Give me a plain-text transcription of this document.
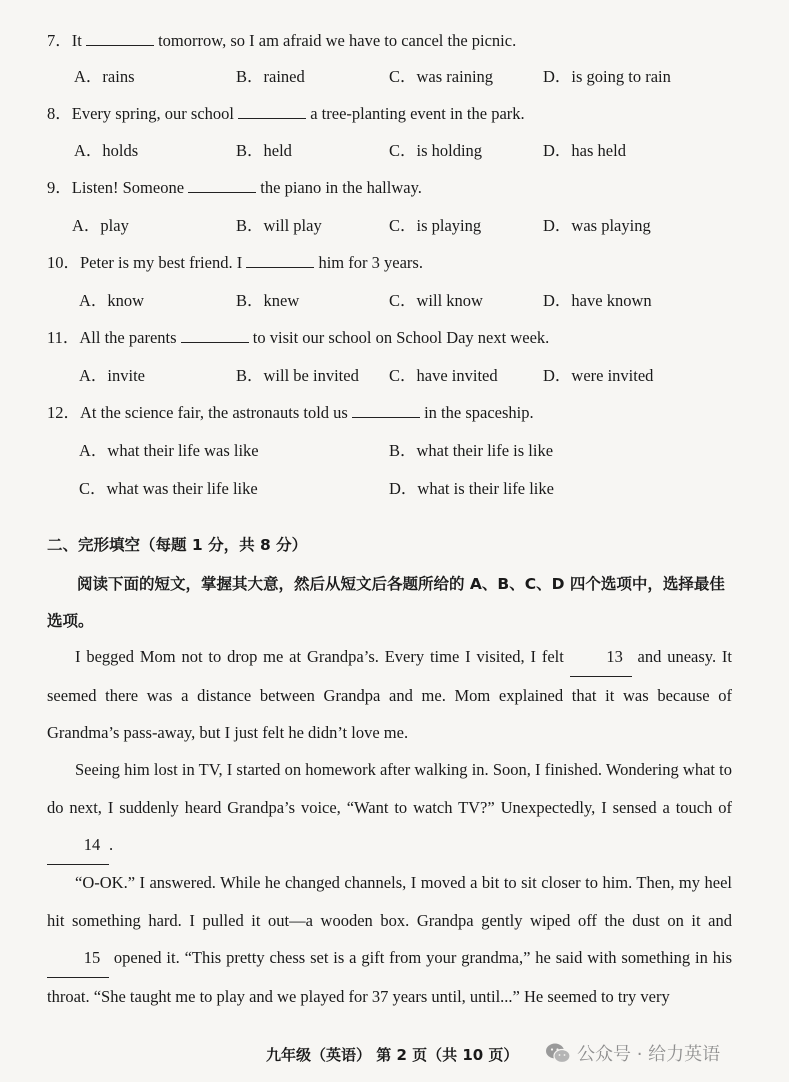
7．It	tomorrow, so I am afraid we have to cancel the picnic.
A．rains	B．rained	C．was raining	D．is going to rain
8．Every spring, our school	a tree-planting event in the park.
A．holds	B．held	C．is holding	D．has held
9．Listen! Someone	the piano in the hallway.
A．play	B．will play	C．is playing	D．was playing
10．Peter is my best friend. I	him for 3 years.
A．know	B．knew	C．will know	D．have known
11．All the parents	to visit our school on School Day next week.
A．invite	B．will be invited C．have invited	D．were invited
12．At the science fair, the astronauts told us	in the spaceship.
A．what their life was like	B．what their life is like
C．what was their life like	D．what is their life like
二、完形填空（每题 1 分，共 8 分）
阅读下面的短文，掌握其大意，然后从短文后各题所给的 A、B、C、D 四个选项中，选择最佳选项。
I begged Mom not to drop me at Grandpa’s. Every time I visited, I felt 13 and uneasy. It seemed there was a distance between Grandpa and me. Mom explained that it was because of Grandma’s pass-away, but I just felt he didn’t love me.
Seeing him lost in TV, I started on homework after walking in. Soon, I finished. Wondering what to do next, I suddenly heard Grandpa’s voice, “Want to watch TV?” Unexpectedly, I sensed a touch of 14 .
“O-OK.” I answered. While he changed channels, I moved a bit to sit closer to him. Then, my heel hit something hard. I pulled it out—a wooden box. Grandpa gently wiped off the dust on it and 15 opened it. “This pretty chess set is a gift from your grandma,” he said with something in his throat. “She taught me to play and we played for 37 years until, until...” He seemed to try very
九年级（英语） 第 2 页（共 10 页）	公众号 · 给力英语
